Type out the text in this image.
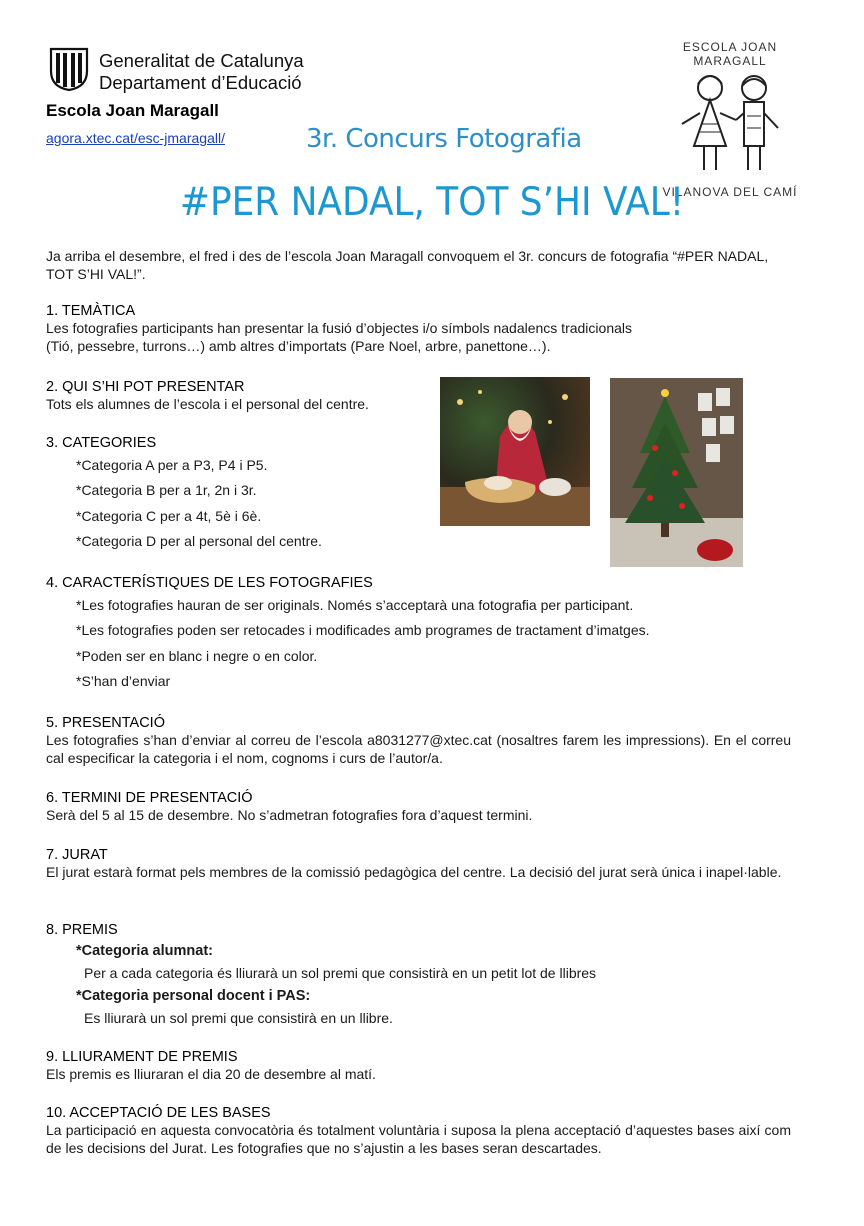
Generalitat de Catalunya
Departament d’Educació
Escola Joan Maragall
agora.xtec.cat/esc-jmaragall/	3r. Concurs Fotografia
ESCOLA JOAN MARAGALL
VILANOVA DEL CAMÍ
#PER NADAL, TOT S’HI VAL!
Ja arriba el desembre, el fred i des de l’escola Joan Maragall convoquem el 3r. concurs de fotografia “#PER NADAL, TOT S’HI VAL!”.
1. TEMÀTICA
Les fotografies participants han presentar la fusió d’objectes i/o símbols nadalencs tradicionals
(Tió, pessebre, turrons…) amb altres d’importats (Pare Noel, arbre, panettone…).
2. QUI S’HI POT PRESENTAR
Tots els alumnes de l’escola i el personal del centre.
3. CATEGORIES
*Categoria A per a P3, P4 i P5.
*Categoria B per a 1r, 2n i 3r.
*Categoria C per a 4t, 5è i 6è.
*Categoria D per al personal del centre.
4. CARACTERÍSTIQUES DE LES FOTOGRAFIES
*Les fotografies hauran de ser originals. Només s’acceptarà una fotografia per participant.
*Les fotografies poden ser retocades i modificades amb programes de tractament d’imatges.
*Poden ser en blanc i negre o en color.
*S’han d’enviar
5. PRESENTACIÓ
Les fotografies s’han d’enviar al correu de l’escola a8031277@xtec.cat (nosaltres farem les impressions). En el correu cal especificar la categoria i el nom, cognoms i curs de l’autor/a.
6. TERMINI DE PRESENTACIÓ
Serà del 5 al 15 de desembre. No s’admetran fotografies fora d’aquest termini.
7. JURAT
El jurat estarà format pels membres de la comissió pedagògica del centre. La decisió del jurat serà única i inapel·lable.
8. PREMIS
*Categoria alumnat:
Per a cada categoria és lliurarà un sol premi que consistirà en un petit lot de llibres
*Categoria personal docent i PAS:
Es lliurarà un sol premi que consistirà en un llibre.
9. LLIURAMENT DE PREMIS
Els premis es lliuraran el dia 20 de desembre al matí.
10. ACCEPTACIÓ DE LES BASES
La participació en aquesta convocatòria és totalment voluntària i suposa la plena acceptació d’aquestes bases així com de les decisions del Jurat. Les fotografies que no s’ajustin a les bases seran descartades.
